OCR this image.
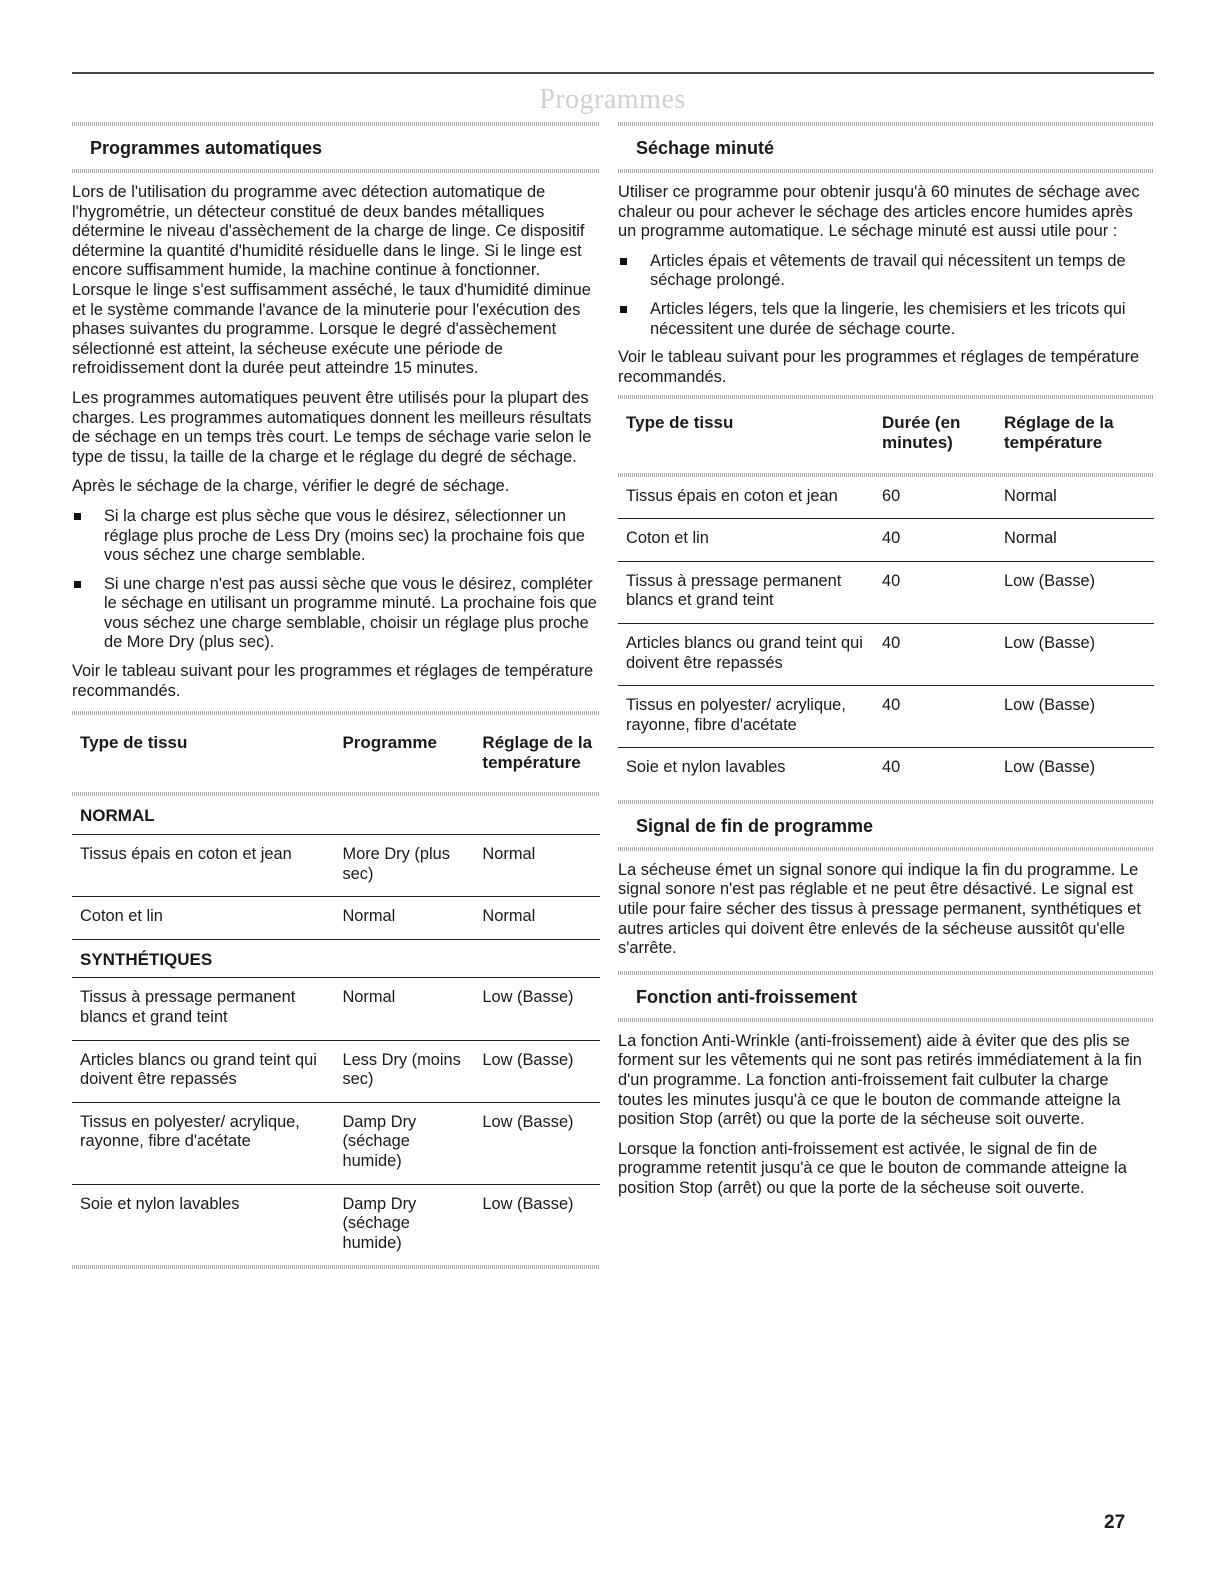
Programmes
Programmes automatiques

Lors de l'utilisation du programme avec détection automatique de l'hygrométrie, un détecteur constitué de deux bandes métalliques détermine le niveau d'assèchement de la charge de linge. Ce dispositif détermine la quantité d'humidité résiduelle dans le linge. Si le linge est encore suffisamment humide, la machine continue à fonctionner. Lorsque le linge s'est suffisamment asséché, le taux d'humidité diminue et le système commande l'avance de la minuterie pour l'exécution des phases suivantes du programme. Lorsque le degré d'assèchement sélectionné est atteint, la sécheuse exécute une période de refroidissement dont la durée peut atteindre 15 minutes.

Les programmes automatiques peuvent être utilisés pour la plupart des charges. Les programmes automatiques donnent les meilleurs résultats de séchage en un temps très court. Le temps de séchage varie selon le type de tissu, la taille de la charge et le réglage du degré de séchage.

Après le séchage de la charge, vérifier le degré de séchage.

Si la charge est plus sèche que vous le désirez, sélectionner un réglage plus proche de Less Dry (moins sec) la prochaine fois que vous séchez une charge semblable.
Si une charge n'est pas aussi sèche que vous le désirez, compléter le séchage en utilisant un programme minuté. La prochaine fois que vous séchez une charge semblable, choisir un réglage plus proche de More Dry (plus sec).

Voir le tableau suivant pour les programmes et réglages de température recommandés.

Type de tissu	Programme	Réglage de la température

NORMAL		
Tissus épais en coton et jean	More Dry (plus sec)	Normal
Coton et lin	Normal	Normal
SYNTHÉTIQUES		
Tissus à pressage permanent blancs et grand teint	Normal	Low (Basse)
Articles blancs ou grand teint qui doivent être repassés	Less Dry (moins sec)	Low (Basse)
Tissus en polyester/ acrylique, rayonne, fibre d'acétate	Damp Dry (séchage humide)	Low (Basse)
Soie et nylon lavables	Damp Dry (séchage humide)	Low (Basse)
Séchage minuté

Utiliser ce programme pour obtenir jusqu'à 60 minutes de séchage avec chaleur ou pour achever le séchage des articles encore humides après un programme automatique. Le séchage minuté est aussi utile pour :

Articles épais et vêtements de travail qui nécessitent un temps de séchage prolongé.
Articles légers, tels que la lingerie, les chemisiers et les tricots qui nécessitent une durée de séchage courte.

Voir le tableau suivant pour les programmes et réglages de température recommandés.

Type de tissu	Durée (en minutes)	Réglage de la température

Tissus épais en coton et jean	60	Normal
Coton et lin	40	Normal
Tissus à pressage permanent blancs et grand teint	40	Low (Basse)
Articles blancs ou grand teint qui doivent être repassés	40	Low (Basse)
Tissus en polyester/ acrylique, rayonne, fibre d'acétate	40	Low (Basse)
Soie et nylon lavables	40	Low (Basse)
Signal de fin de programme

La sécheuse émet un signal sonore qui indique la fin du programme. Le signal sonore n'est pas réglable et ne peut être désactivé. Le signal est utile pour faire sécher des tissus à pressage permanent, synthétiques et autres articles qui doivent être enlevés de la sécheuse aussitôt qu'elle s'arrête.

Fonction anti-froissement

La fonction Anti-Wrinkle (anti-froissement) aide à éviter que des plis se forment sur les vêtements qui ne sont pas retirés immédiatement à la fin d'un programme. La fonction anti-froissement fait culbuter la charge toutes les minutes jusqu'à ce que le bouton de commande atteigne la position Stop (arrêt) ou que la porte de la sécheuse soit ouverte.

Lorsque la fonction anti-froissement est activée, le signal de fin de programme retentit jusqu'à ce que le bouton de commande atteigne la position Stop (arrêt) ou que la porte de la sécheuse soit ouverte.

27
